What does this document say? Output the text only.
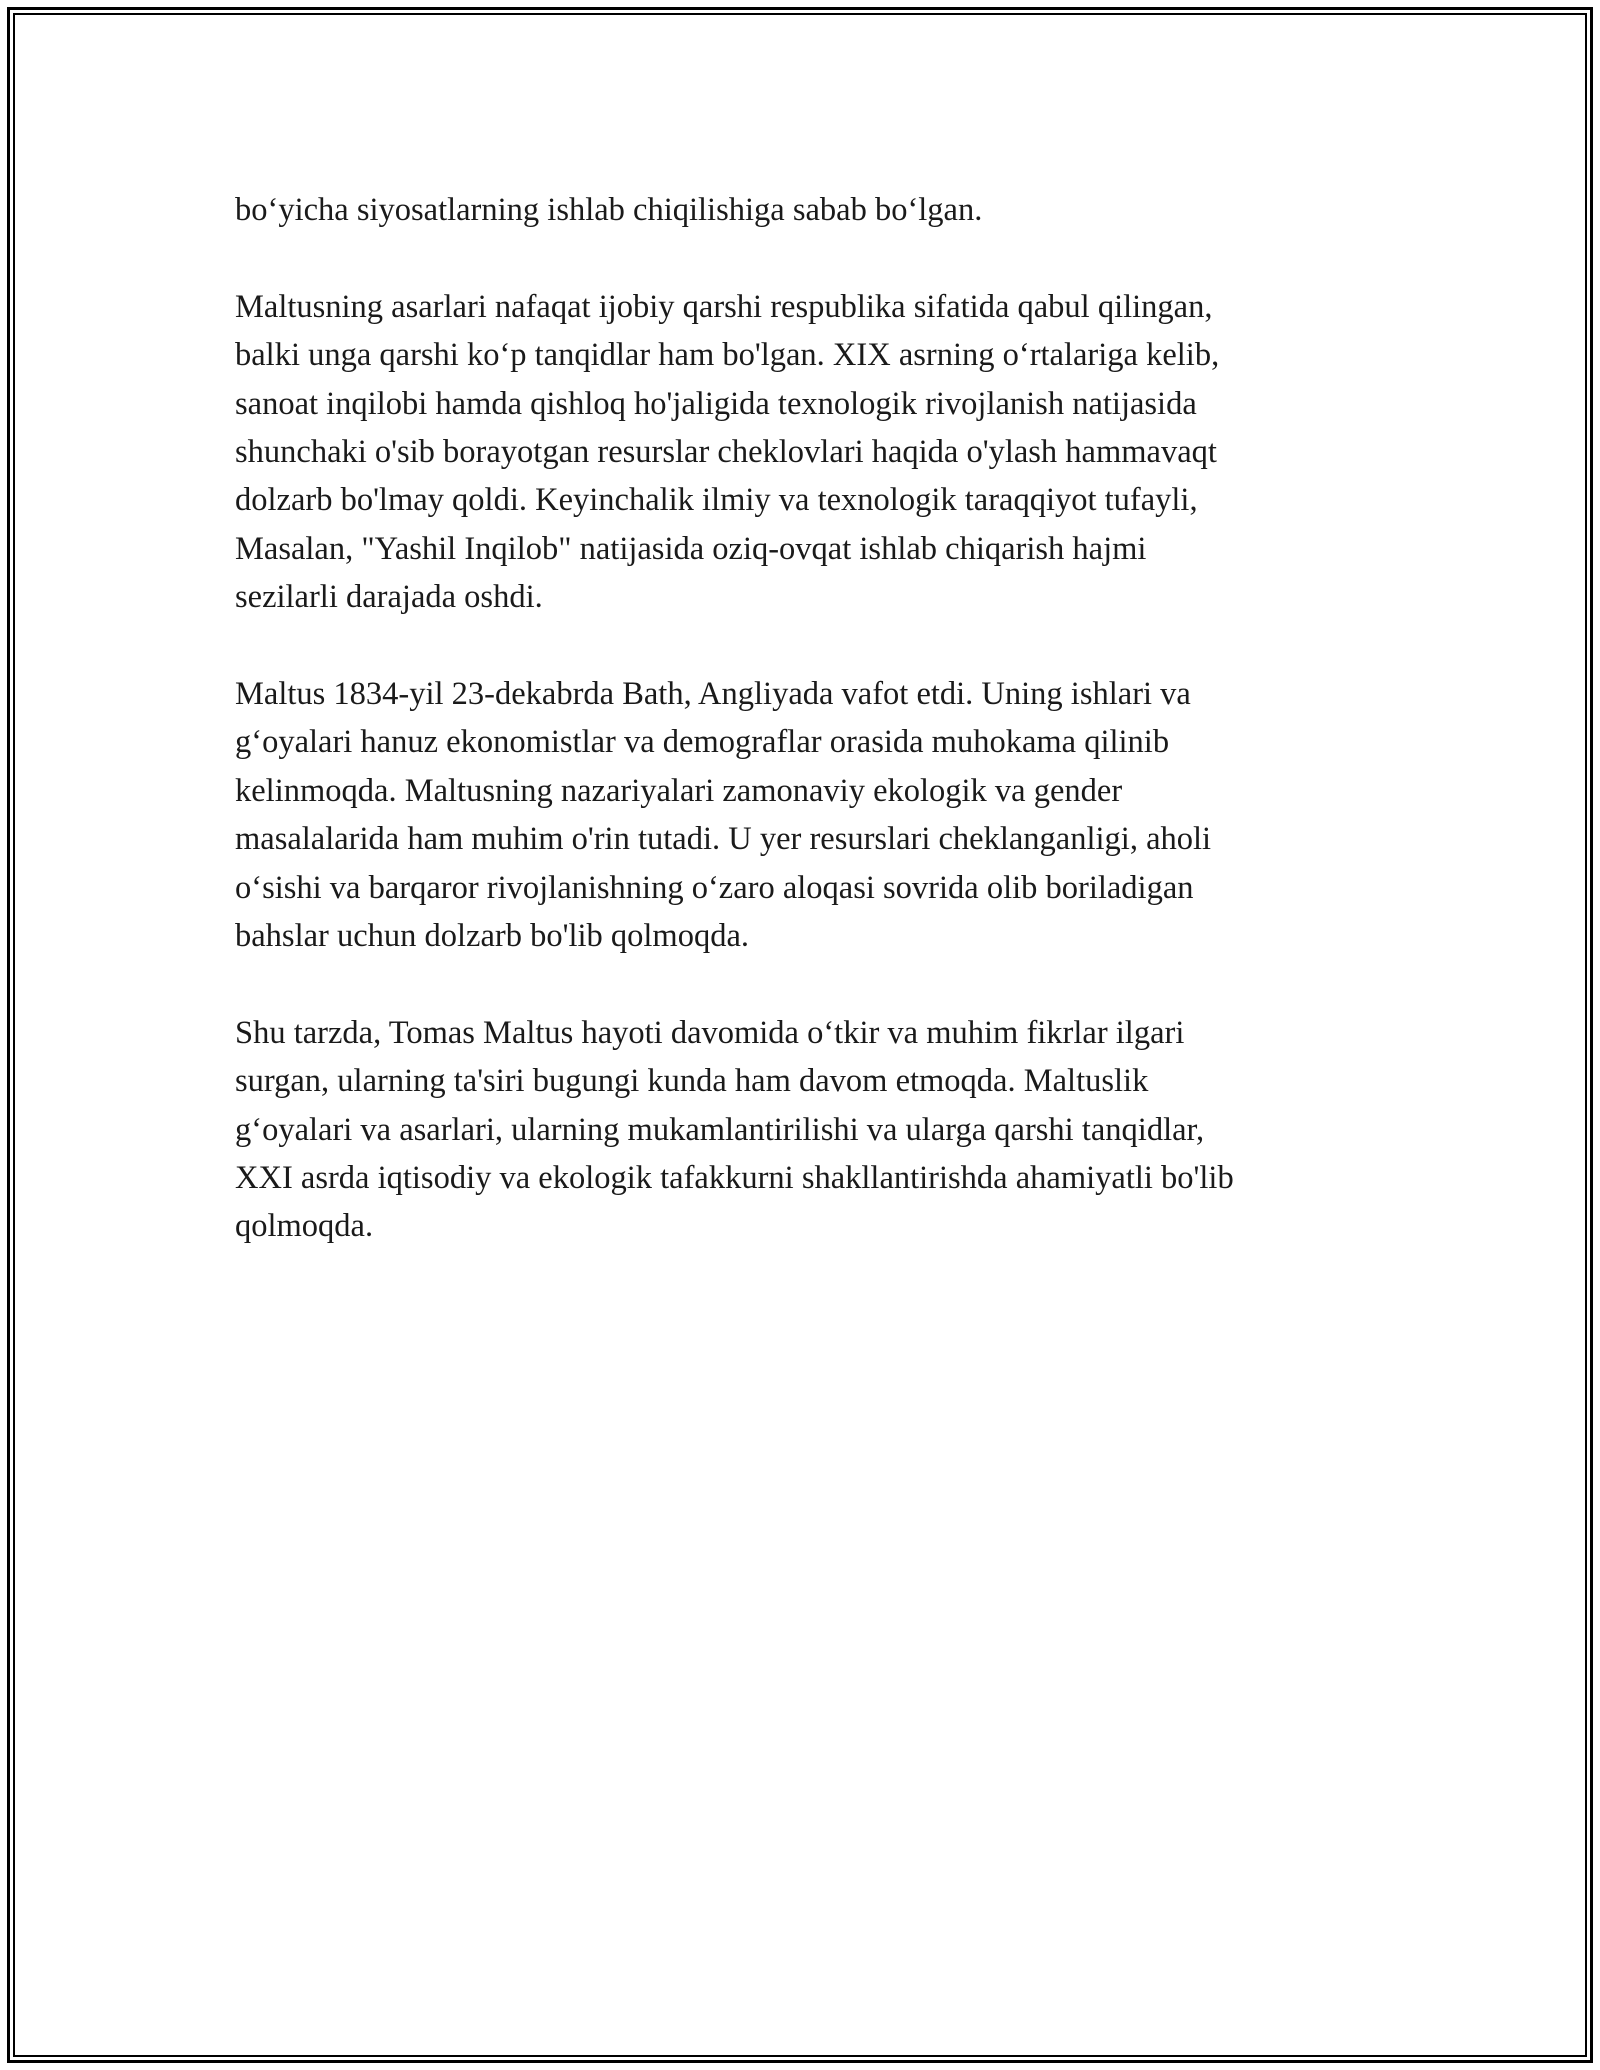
bo‘yicha siyosatlarning ishlab chiqilishiga sabab bo‘lgan.
Maltusning asarlari nafaqat ijobiy qarshi respublika sifatida qabul qilingan,
balki unga qarshi ko‘p tanqidlar ham bo'lgan. XIX asrning o‘rtalariga kelib,
sanoat inqilobi hamda qishloq ho'jaligida texnologik rivojlanish natijasida
shunchaki o'sib borayotgan resurslar cheklovlari haqida o'ylash hammavaqt
dolzarb bo'lmay qoldi. Keyinchalik ilmiy va texnologik taraqqiyot tufayli,
Masalan, "Yashil Inqilob" natijasida oziq-ovqat ishlab chiqarish hajmi
sezilarli darajada oshdi.
Maltus 1834-yil 23-dekabrda Bath, Angliyada vafot etdi. Uning ishlari va
g‘oyalari hanuz ekonomistlar va demograflar orasida muhokama qilinib
kelinmoqda. Maltusning nazariyalari zamonaviy ekologik va gender
masalalarida ham muhim o'rin tutadi. U yer resurslari cheklanganligi, aholi
o‘sishi va barqaror rivojlanishning o‘zaro aloqasi sovrida olib boriladigan
bahslar uchun dolzarb bo'lib qolmoqda.
Shu tarzda, Tomas Maltus hayoti davomida o‘tkir va muhim fikrlar ilgari
surgan, ularning ta'siri bugungi kunda ham davom etmoqda. Maltuslik
g‘oyalari va asarlari, ularning mukamlantirilishi va ularga qarshi tanqidlar,
XXI asrda iqtisodiy va ekologik tafakkurni shakllantirishda ahamiyatli bo'lib
qolmoqda.
